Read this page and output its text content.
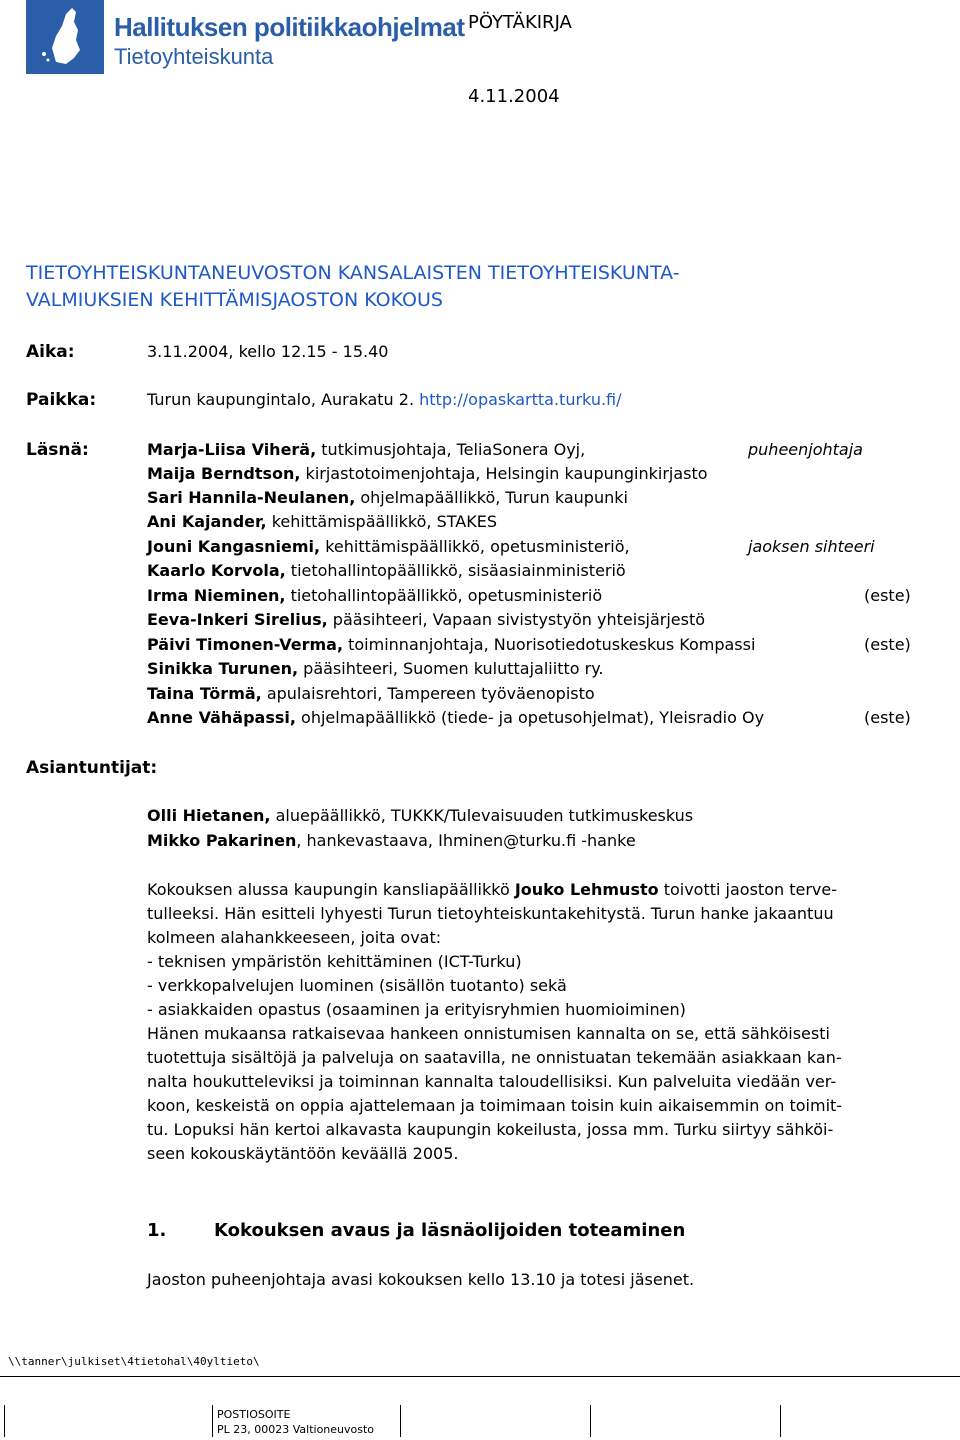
Hallituksen politiikkaohjelmat
Tietoyhteiskunta
PÖYTÄKIRJA
4.11.2004
TIETOYHTEISKUNTANEUVOSTON KANSALAISTEN TIETOYHTEISKUNTA-
VALMIUKSIEN KEHITTÄMISJAOSTON KOKOUS
Aika:	3.11.2004, kello 12.15 - 15.40
Paikka:	Turun kaupungintalo, Aurakatu 2. http://opaskartta.turku.fi/
Läsnä:	Marja-Liisa Viherä, tutkimusjohtaja, TeliaSonera Oyj,	puheenjohtaja
Maija Berndtson, kirjastotoimenjohtaja, Helsingin kaupunginkirjasto
Sari Hannila-Neulanen, ohjelmapäällikkö, Turun kaupunki
Ani Kajander, kehittämispäällikkö, STAKES
Jouni Kangasniemi, kehittämispäällikkö, opetusministeriö,	jaoksen sihteeri
Kaarlo Korvola, tietohallintopäällikkö, sisäasiainministeriö
Irma Nieminen, tietohallintopäällikkö, opetusministeriö	(este)
Eeva-Inkeri Sirelius, pääsihteeri, Vapaan sivistystyön yhteisjärjestö
Päivi Timonen-Verma, toiminnanjohtaja, Nuorisotiedotuskeskus Kompassi	(este)
Sinikka Turunen, pääsihteeri, Suomen kuluttajaliitto ry.
Taina Törmä, apulaisrehtori, Tampereen työväenopisto
Anne Vähäpassi, ohjelmapäällikkö (tiede- ja opetusohjelmat), Yleisradio Oy	(este)
Asiantuntijat:
Olli Hietanen, aluepäällikkö, TUKKK/Tulevaisuuden tutkimuskeskus
Mikko Pakarinen, hankevastaava, Ihminen@turku.fi -hanke

Kokouksen alussa kaupungin kansliapäällikkö Jouko Lehmusto toivotti jaoston terve-

tulleeksi. Hän esitteli lyhyesti Turun tietoyhteiskuntakehitystä. Turun hanke jakaantuu

kolmeen alahankkeeseen, joita ovat:

- teknisen ympäristön kehittäminen (ICT-Turku)

- verkkopalvelujen luominen (sisällön tuotanto) sekä

- asiakkaiden opastus (osaaminen ja erityisryhmien huomioiminen)

Hänen mukaansa ratkaisevaa hankeen onnistumisen kannalta on se, että sähköisesti

tuotettuja sisältöjä ja palveluja on saatavilla, ne onnistuatan tekemään asiakkaan kan-

nalta houkutteleviksi ja toiminnan kannalta taloudellisiksi. Kun palveluita viedään ver-

koon, keskeistä on oppia ajattelemaan ja toimimaan toisin kuin aikaisemmin on toimit-

tu. Lopuksi hän kertoi alkavasta kaupungin kokeilusta, jossa mm. Turku siirtyy sähköi-

seen kokouskäytäntöön keväällä 2005.

1.	Kokouksen avaus ja läsnäolijoiden toteaminen
Jaoston puheenjohtaja avasi kokouksen kello 13.10 ja totesi jäsenet.
\\tanner\julkiset\4tietohal\40yltieto\
POSTIOSOITE
PL 23, 00023 Valtioneuvosto
